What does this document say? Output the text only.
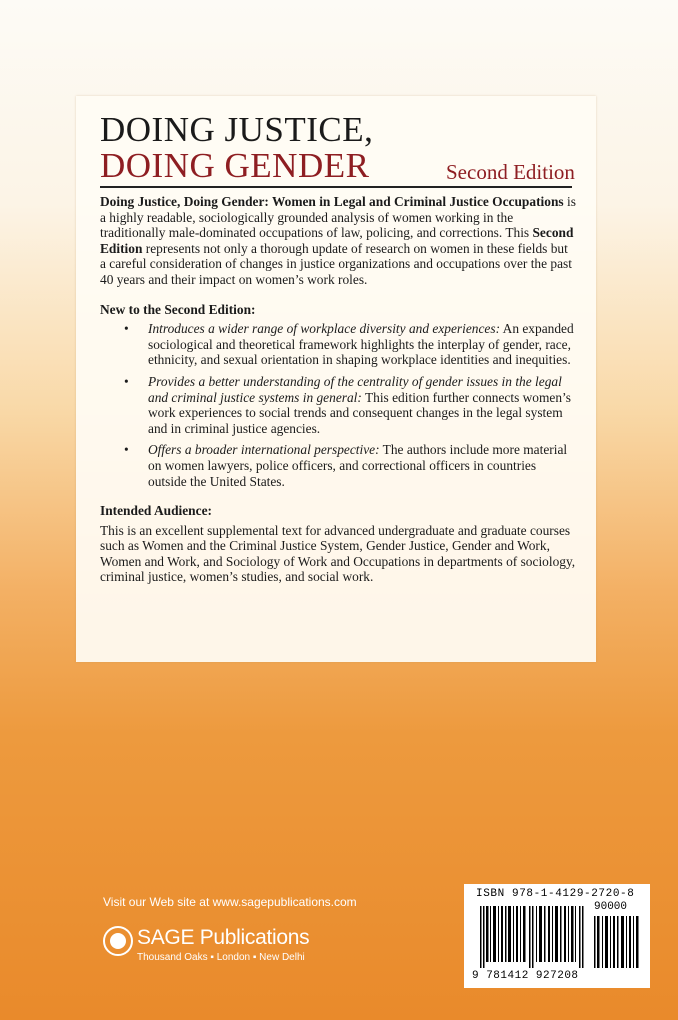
DOING JUSTICE,
DOING GENDER	Second Edition

Doing Justice, Doing Gender: Women in Legal and Criminal Justice Occupations is a highly readable, sociologically grounded analysis of women working in the traditionally male-dominated occupations of law, policing, and corrections. This Second Edition represents not only a thorough update of research on women in these fields but a careful consideration of changes in justice organizations and occupations over the past 40 years and their impact on women’s work roles.

New to the Second Edition:
• Introduces a wider range of workplace diversity and experiences: An expanded sociological and theoretical framework highlights the interplay of gender, race, ethnicity, and sexual orientation in shaping workplace identities and inequities.
• Provides a better understanding of the centrality of gender issues in the legal and criminal justice systems in general: This edition further connects women’s work experiences to social trends and consequent changes in the legal system and in criminal justice agencies.
• Offers a broader international perspective: The authors include more material on women lawyers, police officers, and correctional officers in countries outside the United States.
Intended Audience:

This is an excellent supplemental text for advanced undergraduate and graduate courses such as Women and the Criminal Justice System, Gender Justice, Gender and Work, Women and Work, and Sociology of Work and Occupations in departments of sociology, criminal justice, women’s studies, and social work.

Visit our Web site at www.sagepublications.com
SAGE Publications
Thousand Oaks ▪ London ▪ New Delhi
ISBN 978-1-4129-2720-8
90000
9 781412 927208
